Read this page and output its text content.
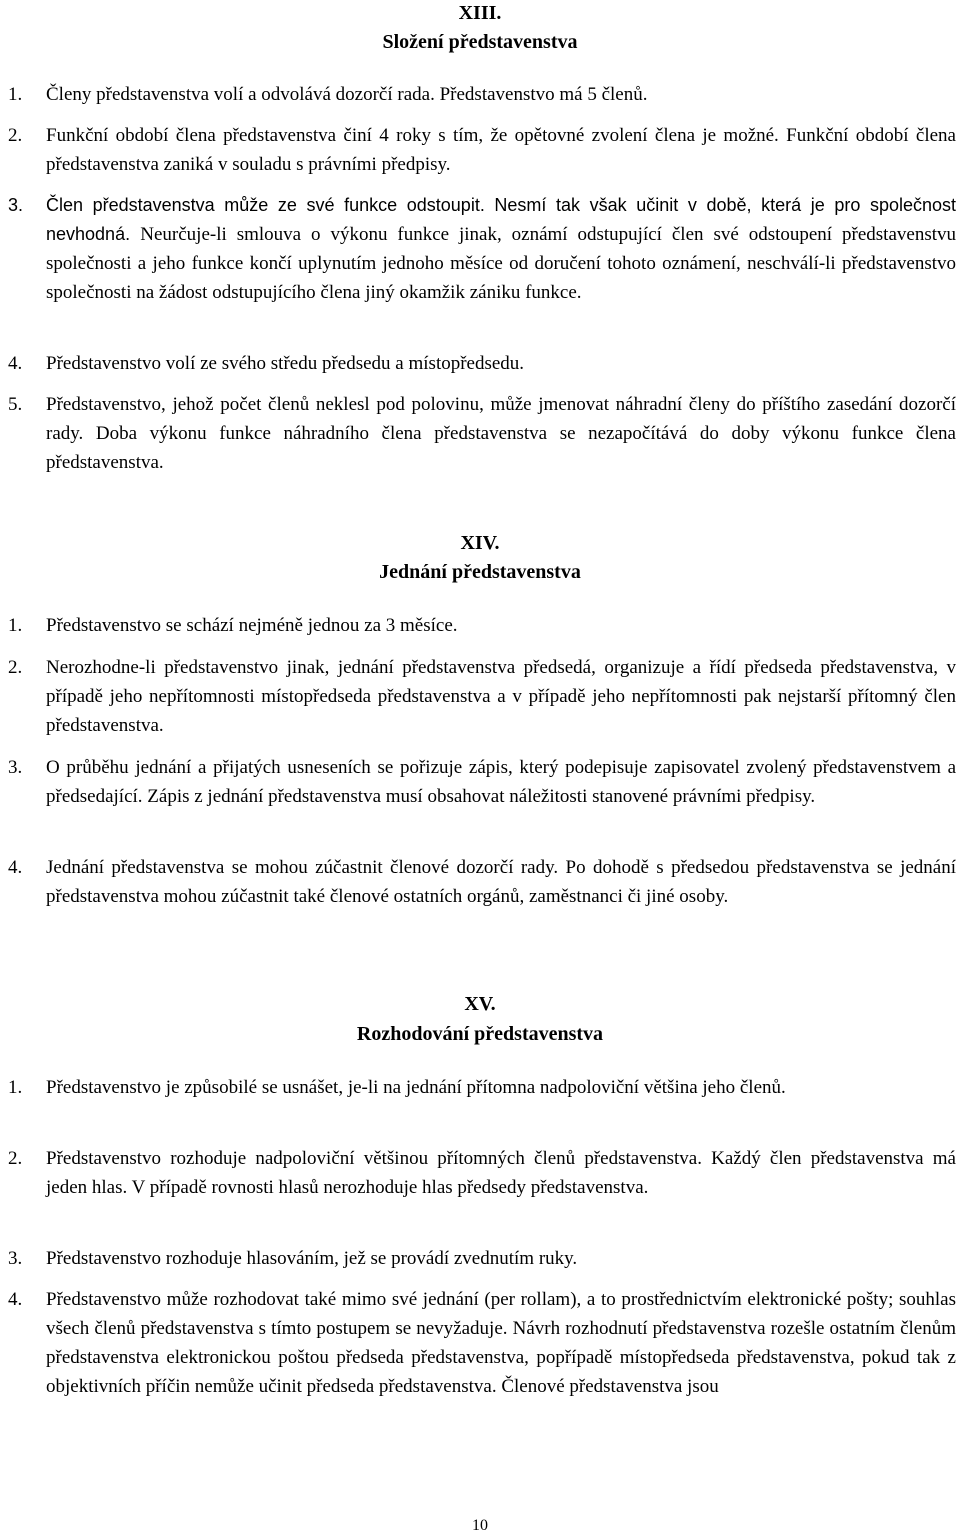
XIII.
Složení představenstva
1. Členy představenstva volí a odvolává dozorčí rada. Představenstvo má 5 členů.
2. Funkční období člena představenstva činí 4 roky s tím, že opětovné zvolení člena je možné. Funkční období člena představenstva zaniká v souladu s právními předpisy.
3. Člen představenstva může ze své funkce odstoupit. Nesmí tak však učinit v době, která je pro společnost nevhodná. Neurčuje-li smlouva o výkonu funkce jinak, oznámí odstupující člen své odstoupení představenstvu společnosti a jeho funkce končí uplynutím jednoho měsíce od doručení tohoto oznámení, neschválí-li představenstvo společnosti na žádost odstupujícího člena jiný okamžik zániku funkce.
4. Představenstvo volí ze svého středu předsedu a místopředsedu.
5. Představenstvo, jehož počet členů neklesl pod polovinu, může jmenovat náhradní členy do příštího zasedání dozorčí rady. Doba výkonu funkce náhradního člena představenstva se nezapočítává do doby výkonu funkce člena představenstva.
XIV.
Jednání představenstva
1. Představenstvo se schází nejméně jednou za 3 měsíce.
2. Nerozhodne-li představenstvo jinak, jednání představenstva předsedá, organizuje a řídí předseda představenstva, v případě jeho nepřítomnosti místopředseda představenstva a v případě jeho nepřítomnosti pak nejstarší přítomný člen představenstva.
3. O průběhu jednání a přijatých usneseních se pořizuje zápis, který podepisuje zapisovatel zvolený představenstvem a předsedající. Zápis z jednání představenstva musí obsahovat náležitosti stanovené právními předpisy.
4. Jednání představenstva se mohou zúčastnit členové dozorčí rady. Po dohodě s předsedou představenstva se jednání představenstva mohou zúčastnit také členové ostatních orgánů, zaměstnanci či jiné osoby.
XV.
Rozhodování představenstva
1. Představenstvo je způsobilé se usnášet, je-li na jednání přítomna nadpoloviční většina jeho členů.
2. Představenstvo rozhoduje nadpoloviční většinou přítomných členů představenstva. Každý člen představenstva má jeden hlas. V případě rovnosti hlasů nerozhoduje hlas předsedy představenstva.
3. Představenstvo rozhoduje hlasováním, jež se provádí zvednutím ruky.
4. Představenstvo může rozhodovat také mimo své jednání (per rollam), a to prostřednictvím elektronické pošty; souhlas všech členů představenstva s tímto postupem se nevyžaduje. Návrh rozhodnutí představenstva rozešle ostatním členům představenstva elektronickou poštou předseda představenstva, popřípadě místopředseda představenstva, pokud tak z objektivních příčin nemůže učinit předseda představenstva. Členové představenstva jsou
10
